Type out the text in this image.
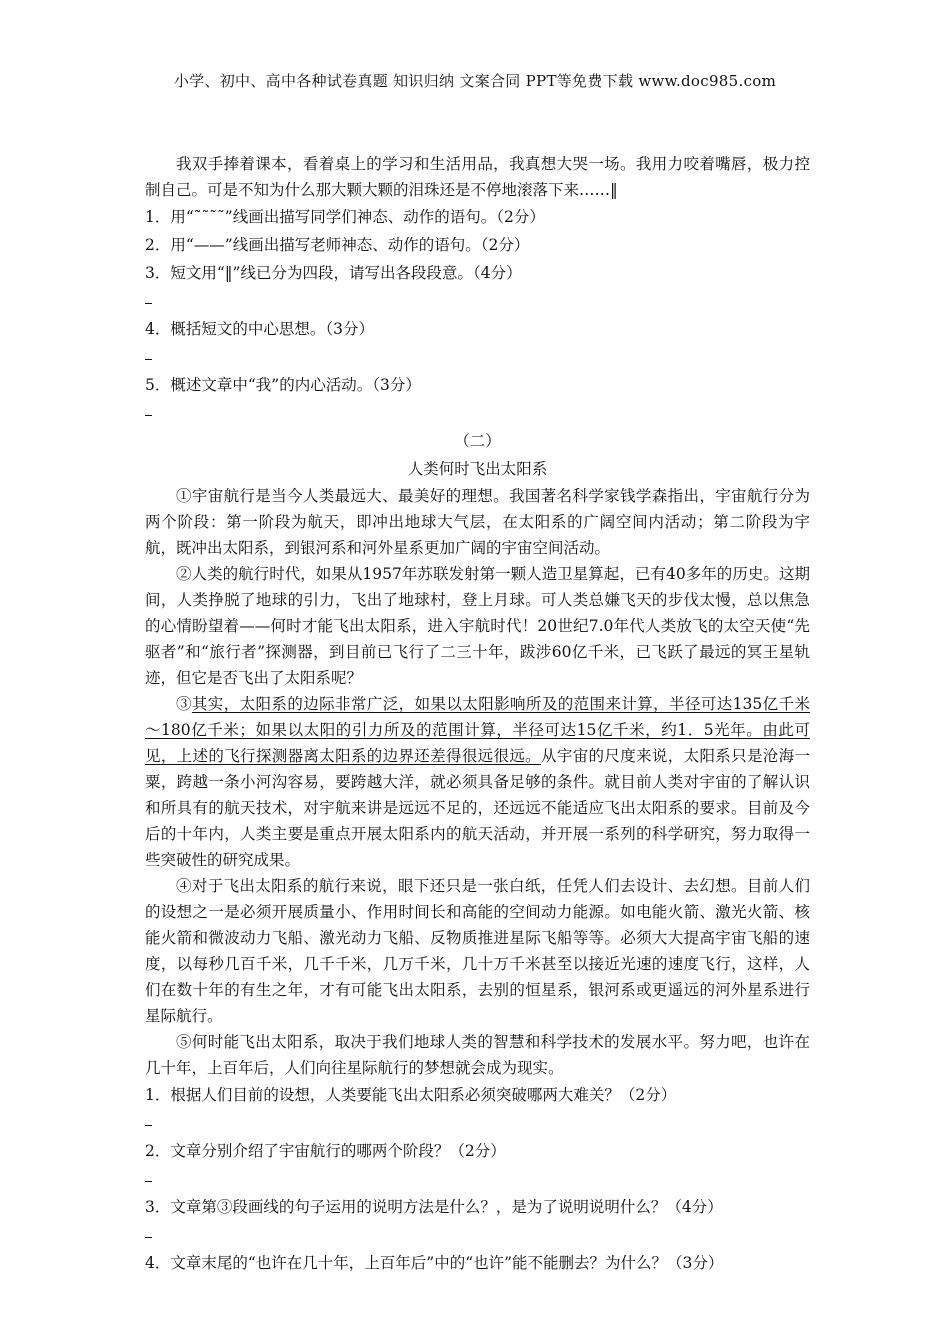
小学、初中、高中各种试卷真题 知识归纳 文案合同 PPT等免费下载 www.doc985.com

我双手捧着课本，看着桌上的学习和生活用品，我真想大哭一场。我用力咬着嘴唇，极力控制自己。可是不知为什么那大颗大颗的泪珠还是不停地滚落下来……‖

1．用“˜˜˜˜”线画出描写同学们神态、动作的语句。（2分）

2．用“——”线画出描写老师神态、动作的语句。（2分）

3．短文用“‖”线已分为四段，请写出各段段意。（4分）

4．概括短文的中心思想。（3分）

5．概述文章中“我”的内心活动。（3分）

（二）

人类何时飞出太阳系

①宇宙航行是当今人类最远大、最美好的理想。我国著名科学家钱学森指出，宇宙航行分为两个阶段：第一阶段为航天，即冲出地球大气层，在太阳系的广阔空间内活动；第二阶段为宇航，既冲出太阳系，到银河系和河外星系更加广阔的宇宙空间活动。

②人类的航行时代，如果从1957年苏联发射第一颗人造卫星算起，已有40多年的历史。这期间，人类挣脱了地球的引力，飞出了地球村，登上月球。可人类总嫌飞天的步伐太慢，总以焦急的心情盼望着——何时才能飞出太阳系，进入宇航时代！20世纪7.0年代人类放飞的太空天使“先驱者”和“旅行者”探测器，到目前已飞行了二三十年，跋涉60亿千米，已飞跃了最远的冥王星轨迹，但它是否飞出了太阳系呢？

③其实，太阳系的边际非常广泛，如果以太阳影响所及的范围来计算，半径可达135亿千米～180亿千米；如果以太阳的引力所及的范围计算，半径可达15亿千米，约1．5光年。由此可见，上述的飞行探测器离太阳系的边界还差得很远很远。从宇宙的尺度来说，太阳系只是沧海一粟，跨越一条小河沟容易，要跨越大洋，就必须具备足够的条件。就目前人类对宇宙的了解认识和所具有的航天技术，对宇航来讲是远远不足的，还远远不能适应飞出太阳系的要求。目前及今后的十年内，人类主要是重点开展太阳系内的航天活动，并开展一系列的科学研究，努力取得一些突破性的研究成果。

④对于飞出太阳系的航行来说，眼下还只是一张白纸，任凭人们去设计、去幻想。目前人们的设想之一是必须开展质量小、作用时间长和高能的空间动力能源。如电能火箭、激光火箭、核能火箭和微波动力飞船、激光动力飞船、反物质推进星际飞船等等。必须大大提高宇宙飞船的速度，以每秒几百千米，几千千米，几万千米，几十万千米甚至以接近光速的速度飞行，这样，人们在数十年的有生之年，才有可能飞出太阳系，去别的恒星系，银河系或更遥远的河外星系进行星际航行。

⑤何时能飞出太阳系，取决于我们地球人类的智慧和科学技术的发展水平。努力吧，也许在几十年，上百年后，人们向往星际航行的梦想就会成为现实。

1．根据人们目前的设想，人类要能飞出太阳系必须突破哪两大难关？（2分）

2．文章分别介绍了宇宙航行的哪两个阶段？（2分）

3．文章第③段画线的句子运用的说明方法是什么？，是为了说明说明什么？（4分）

4．文章末尾的“也许在几十年，上百年后”中的“也许”能不能删去？为什么？（3分）
